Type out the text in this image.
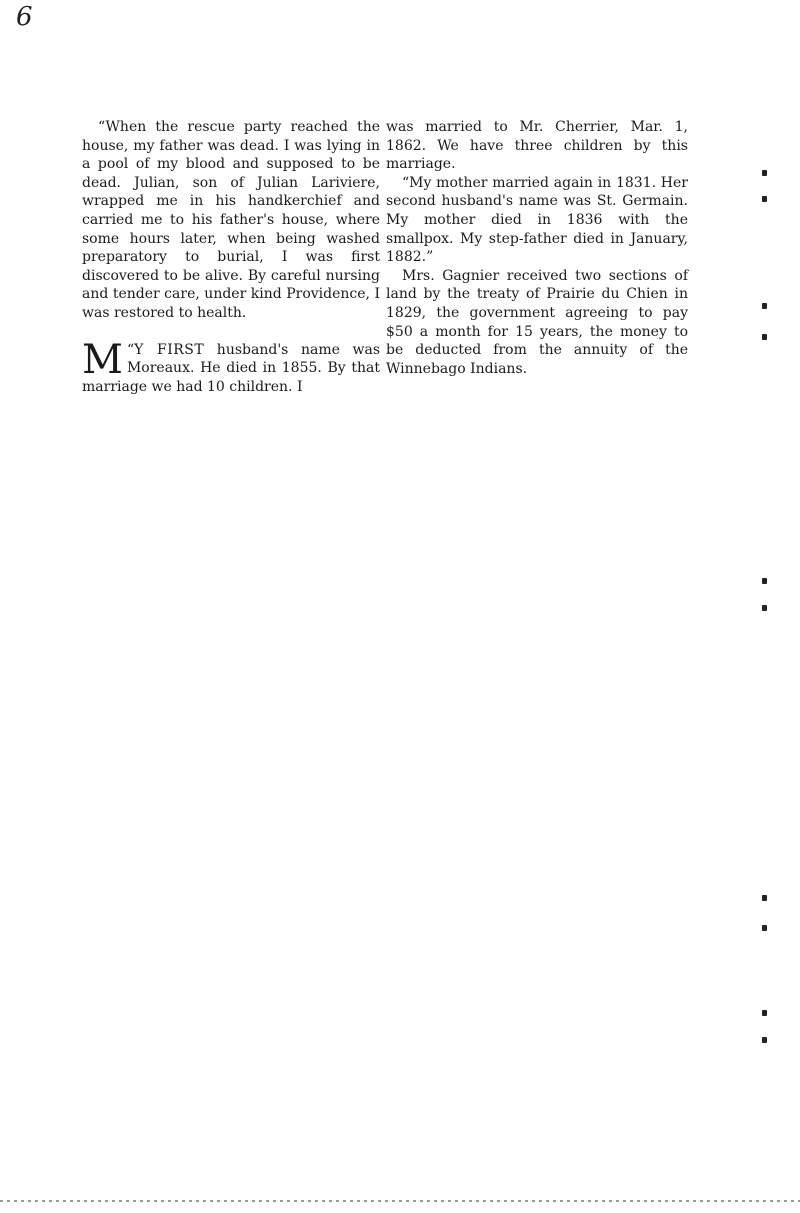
6

“When the rescue party reached the house, my father was dead. I was lying in a pool of my blood and supposed to be dead. Julian, son of Julian Lariviere, wrapped me in his handkerchief and carried me to his father's house, where some hours later, when being washed preparatory to burial, I was first discovered to be alive. By careful nursing and tender care, under kind Providence, I was restored to health.

“
M Y FIRST husband's name was Moreaux. He died in 1855. By that marriage we had 10 children. I

was married to Mr. Cherrier, Mar. 1, 1862. We have three children by this marriage.

“My mother married again in 1831. Her second husband's name was St. Germain. My mother died in 1836 with the smallpox. My step-father died in January, 1882.”

Mrs. Gagnier received two sections of land by the treaty of Prairie du Chien in 1829, the government agreeing to pay $50 a month for 15 years, the money to be deducted from the annuity of the Winnebago Indians.
